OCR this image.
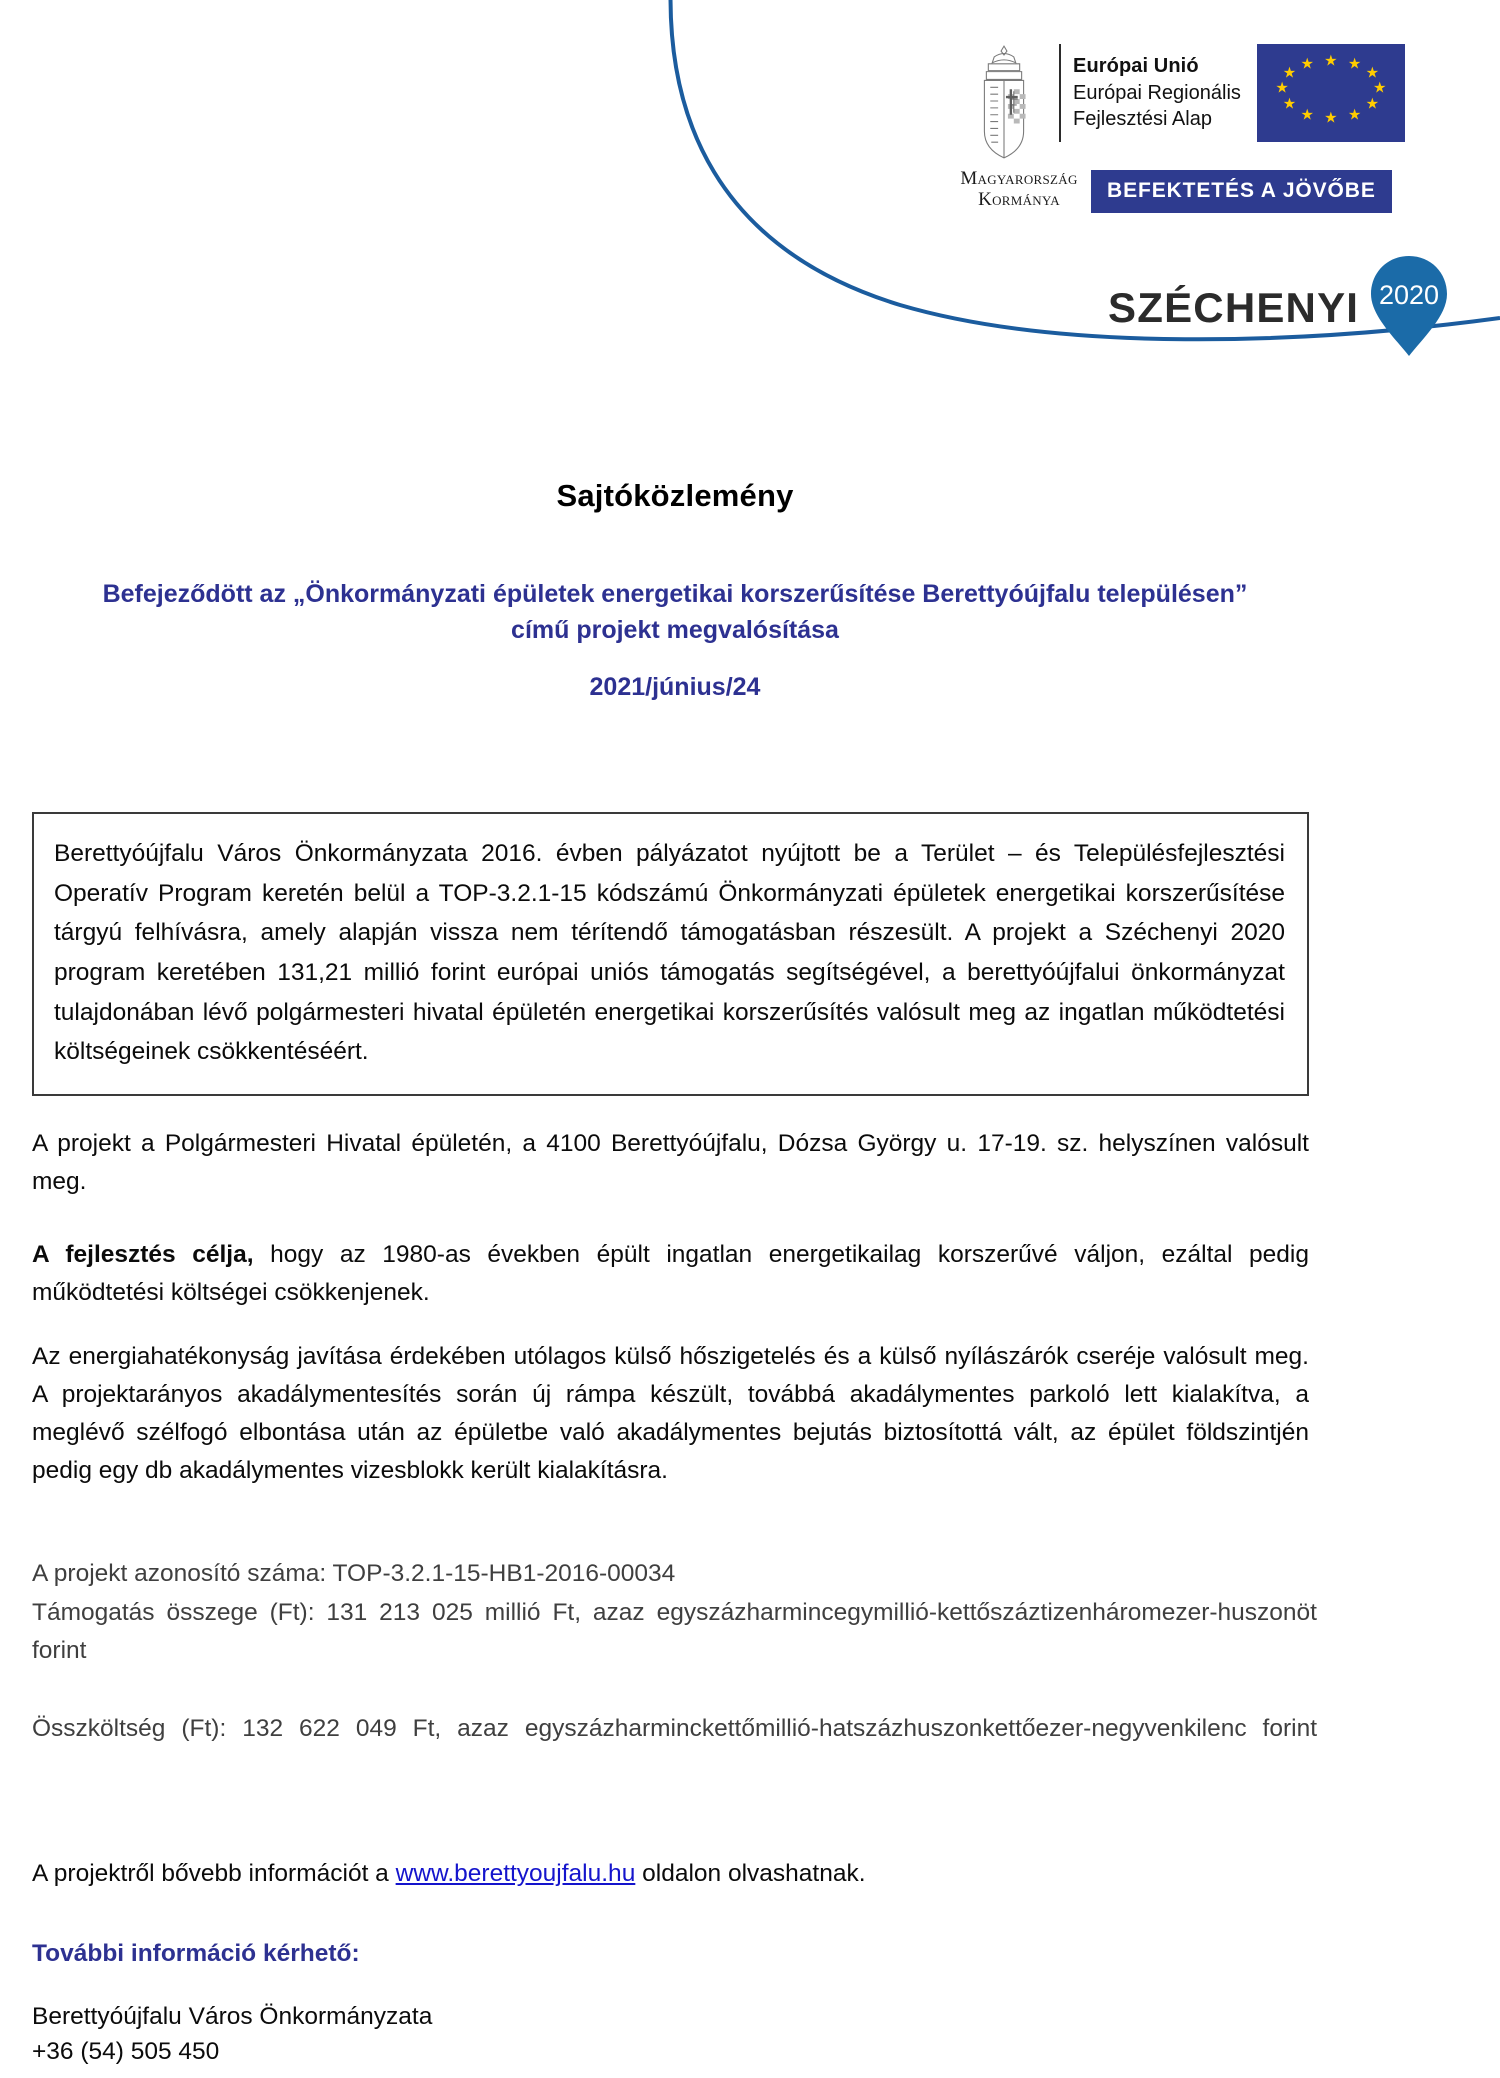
Európai Unió
Európai Regionális
Fejlesztési Alap
★ ★
★
★
★
★
★
★
★
★
★
★
Magyarország
Kormánya	BEFEKTETÉS A JÖVŐBE
SZÉCHENYI 2020
Sajtóközlemény
Befejeződött az „Önkormányzati épületek energetikai korszerűsítése Berettyóújfalu településen” című projekt megvalósítása
2021/június/24

Berettyóújfalu Város Önkormányzata 2016. évben pályázatot nyújtott be a Terület – és Településfejlesztési Operatív Program keretén belül a TOP-3.2.1-15 kódszámú Önkormányzati épületek energetikai korszerűsítése tárgyú felhívásra, amely alapján vissza nem térítendő támogatásban részesült. A projekt a Széchenyi 2020 program keretében 131,21 millió forint európai uniós támogatás segítségével, a berettyóújfalui önkormányzat tulajdonában lévő polgármesteri hivatal épületén energetikai korszerűsítés valósult meg az ingatlan működtetési költségeinek csökkentéséért.

A projekt a Polgármesteri Hivatal épületén, a 4100 Berettyóújfalu, Dózsa György u. 17-19. sz. helyszínen valósult meg.
A fejlesztés célja, hogy az 1980-as években épült ingatlan energetikailag korszerűvé váljon, ezáltal pedig működtetési költségei csökkenjenek.
Az energiahatékonyság javítása érdekében utólagos külső hőszigetelés és a külső nyílászárók cseréje valósult meg. A projektarányos akadálymentesítés során új rámpa készült, továbbá akadálymentes parkoló lett kialakítva, a meglévő szélfogó elbontása után az épületbe való akadálymentes bejutás biztosítottá vált, az épület földszintjén pedig egy db akadálymentes vizesblokk került kialakításra.

A projekt azonosító száma: TOP-3.2.1-15-HB1-2016-00034

Támogatás összege (Ft): 131 213 025 millió Ft, azaz egyszázharmincegymillió-kettőszáztizenháromezer-huszonöt forint

Összköltség (Ft): 132 622 049 Ft, azaz egyszázharminckettőmillió-hatszázhuszonkettőezer-negyvenkilenc forint

A projektről bővebb információt a www.berettyoujfalu.hu oldalon olvashatnak.
További információ kérhető:
Berettyóújfalu Város Önkormányzata
+36 (54) 505 450
